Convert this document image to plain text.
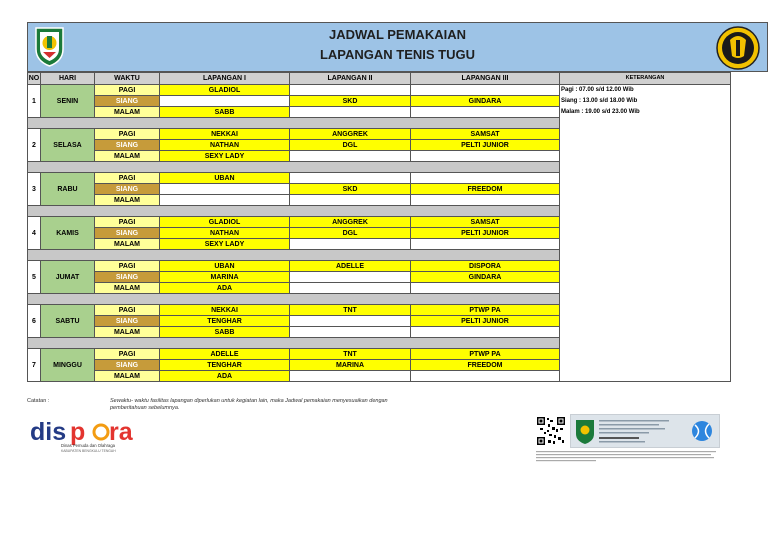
JADWAL PEMAKAIAN
LAPANGAN TENIS TUGU
NO	HARI	WAKTU	LAPANGAN I	LAPANGAN II	LAPANGAN III	KETERANGAN
1	SENIN	PAGI	GLADIOL			Pagi : 07.00 s/d 12.00 Wib
Siang : 13.00 s/d 18.00 Wib
Malam : 19.00 s/d 23.00 Wib

		SIANG		SKD	GINDARA	
		MALAM	SABB			

2	SELASA	PAGI	NEKKAI	ANGGREK	SAMSAT	
		SIANG	NATHAN	DGL	PELTI JUNIOR	
		MALAM	SEXY LADY			

3	RABU	PAGI	UBAN			
		SIANG		SKD	FREEDOM	
		MALAM				

4	KAMIS	PAGI	GLADIOL	ANGGREK	SAMSAT	
		SIANG	NATHAN	DGL	PELTI JUNIOR	
		MALAM	SEXY LADY			

5	JUMAT	PAGI	UBAN	ADELLE	DISPORA	
		SIANG	MARINA		GINDARA	
		MALAM	ADA			

6	SABTU	PAGI	NEKKAI	TNT	PTWP PA	
		SIANG	TENGHAR		PELTI JUNIOR	
		MALAM	SABB			

7	MINGGU	PAGI	ADELLE	TNT	PTWP PA	
		SIANG	TENGHAR	MARINA	FREEDOM	
		MALAM	ADA			
Catatan :	Sewaktu- waktu fasilitas lapangan diperlukan untuk kegiatan lain, maka Jadwal pemakaian menyesuaikan dengan pemberitahuan sebelumnya.
dis p ra
Dinas Pemuda dan Olahraga
KABUPATEN BENGKULU TENGAH
